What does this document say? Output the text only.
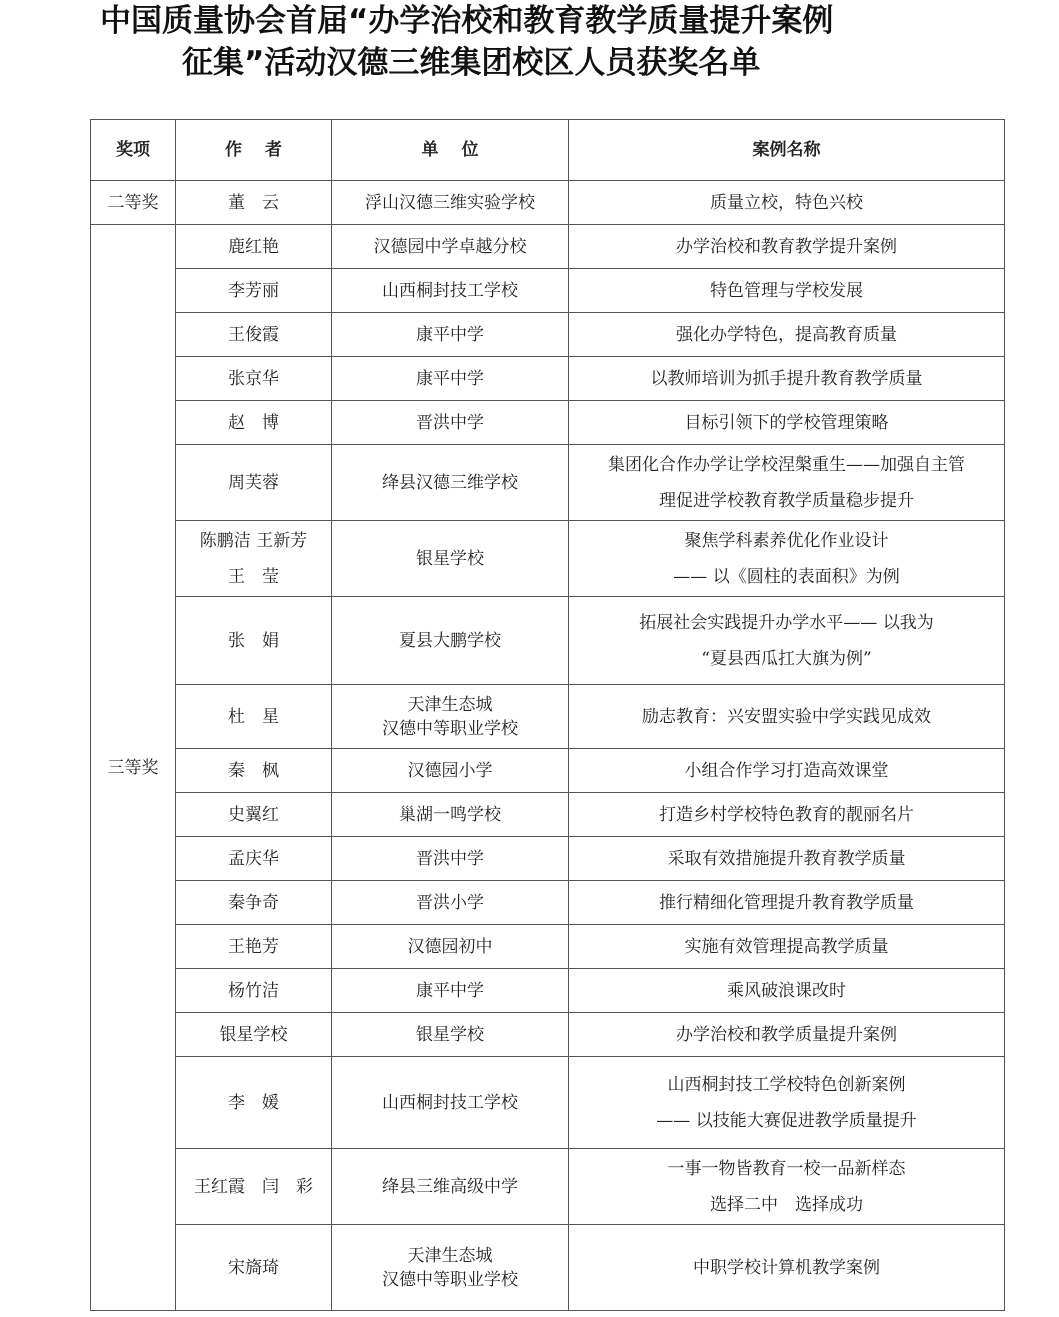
中国质量协会首届“办学治校和教育教学质量提升案例
征集”活动汉德三维集团校区人员获奖名单
奖项	作　 者	单　 位	案例名称
二等奖	董　云	浮山汉德三维实验学校	质量立校，特色兴校

三等奖	鹿红艳	汉德园中学卓越分校	办学治校和教育教学提升案例

	李芳丽	山西桐封技工学校	特色管理与学校发展

	王俊霞	康平中学	强化办学特色，提高教育质量

	张京华	康平中学	以教师培训为抓手提升教育教学质量

	赵　博	晋洪中学	目标引领下的学校管理策略

	周芙蓉	绛县汉德三维学校	集团化合作办学让学校涅槃重生——加强自主管
理促进学校教育教学质量稳步提升

	陈鹏洁 王新芳
王　莹	银星学校	聚焦学科素养优化作业设计
—— 以《圆柱的表面积》为例

	张　娟	夏县大鹏学校	拓展社会实践提升办学水平—— 以我为
“夏县西瓜扛大旗为例”

	杜　星	天津生态城
汉德中等职业学校	励志教育：兴安盟实验中学实践见成效

	秦　枫	汉德园小学	小组合作学习打造高效课堂

	史翼红	巢湖一鸣学校	打造乡村学校特色教育的靓丽名片

	孟庆华	晋洪中学	采取有效措施提升教育教学质量

	秦争奇	晋洪小学	推行精细化管理提升教育教学质量

	王艳芳	汉德园初中	实施有效管理提高教学质量

	杨竹洁	康平中学	乘风破浪课改时

	银星学校	银星学校	办学治校和教学质量提升案例

	李　媛	山西桐封技工学校	山西桐封技工学校特色创新案例
—— 以技能大赛促进教学质量提升

	王红霞　闫　彩	绛县三维高级中学	一事一物皆教育一校一品新样态
选择二中　选择成功

	宋旖琦	天津生态城
汉德中等职业学校	中职学校计算机教学案例
